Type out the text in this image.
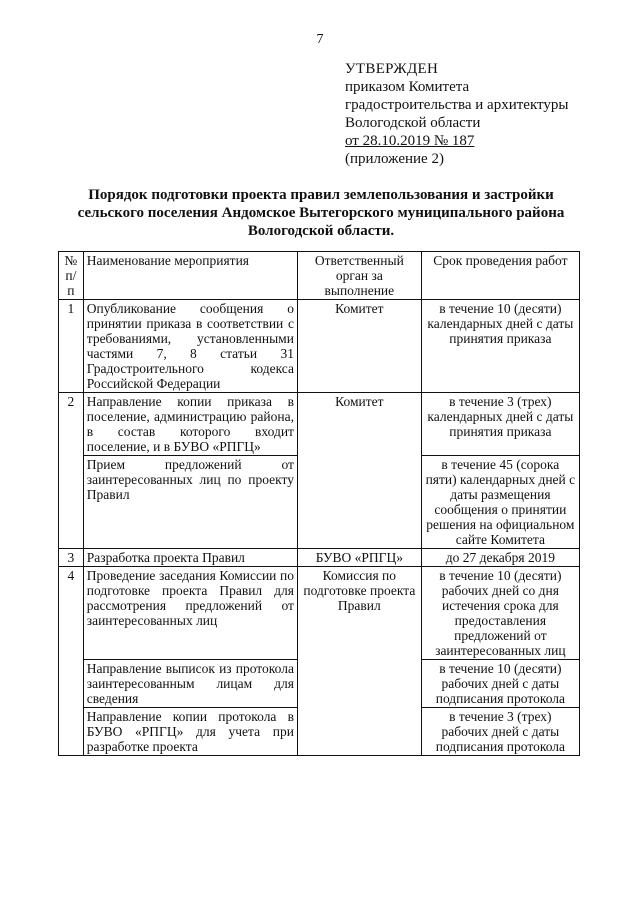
7
УТВЕРЖДЕН
приказом Комитета
градостроительства и архитектуры
Вологодской области
от 28.10.2019 № 187
(приложение 2)
Порядок подготовки проекта правил землепользования и застройки
сельского поселения Андомское Вытегорского муниципального района
Вологодской области.
№ п/п	Наименование мероприятия	Ответственный орган за выполнение	Срок проведения работ
1	Опубликование сообщения о принятии приказа в соответствии с требованиями, установленными частями 7, 8 статьи 31 Градостроительного кодекса Российской Федерации	Комитет	в течение 10 (десяти) календарных дней с даты принятия приказа
2	Направление копии приказа в поселение, администрацию района, в состав которого входит поселение, и в БУВО «РПГЦ»	Комитет	в течение 3 (трех) календарных дней с даты принятия приказа
	Прием предложений от заинтересованных лиц по проекту Правил		в течение 45 (сорока пяти) календарных дней с даты размещения сообщения о принятии решения на официальном сайте Комитета
3	Разработка проекта Правил	БУВО «РПГЦ»	до 27 декабря 2019
4	Проведение заседания Комиссии по подготовке проекта Правил для рассмотрения предложений от заинтересованных лиц	Комиссия по подготовке проекта Правил	в течение 10 (десяти) рабочих дней со дня истечения срока для предоставления предложений от заинтересованных лиц
	Направление выписок из протокола заинтересованным лицам для сведения		в течение 10 (десяти) рабочих дней с даты подписания протокола
	Направление копии протокола в БУВО «РПГЦ» для учета при разработке проекта		в течение 3 (трех) рабочих дней с даты подписания протокола
